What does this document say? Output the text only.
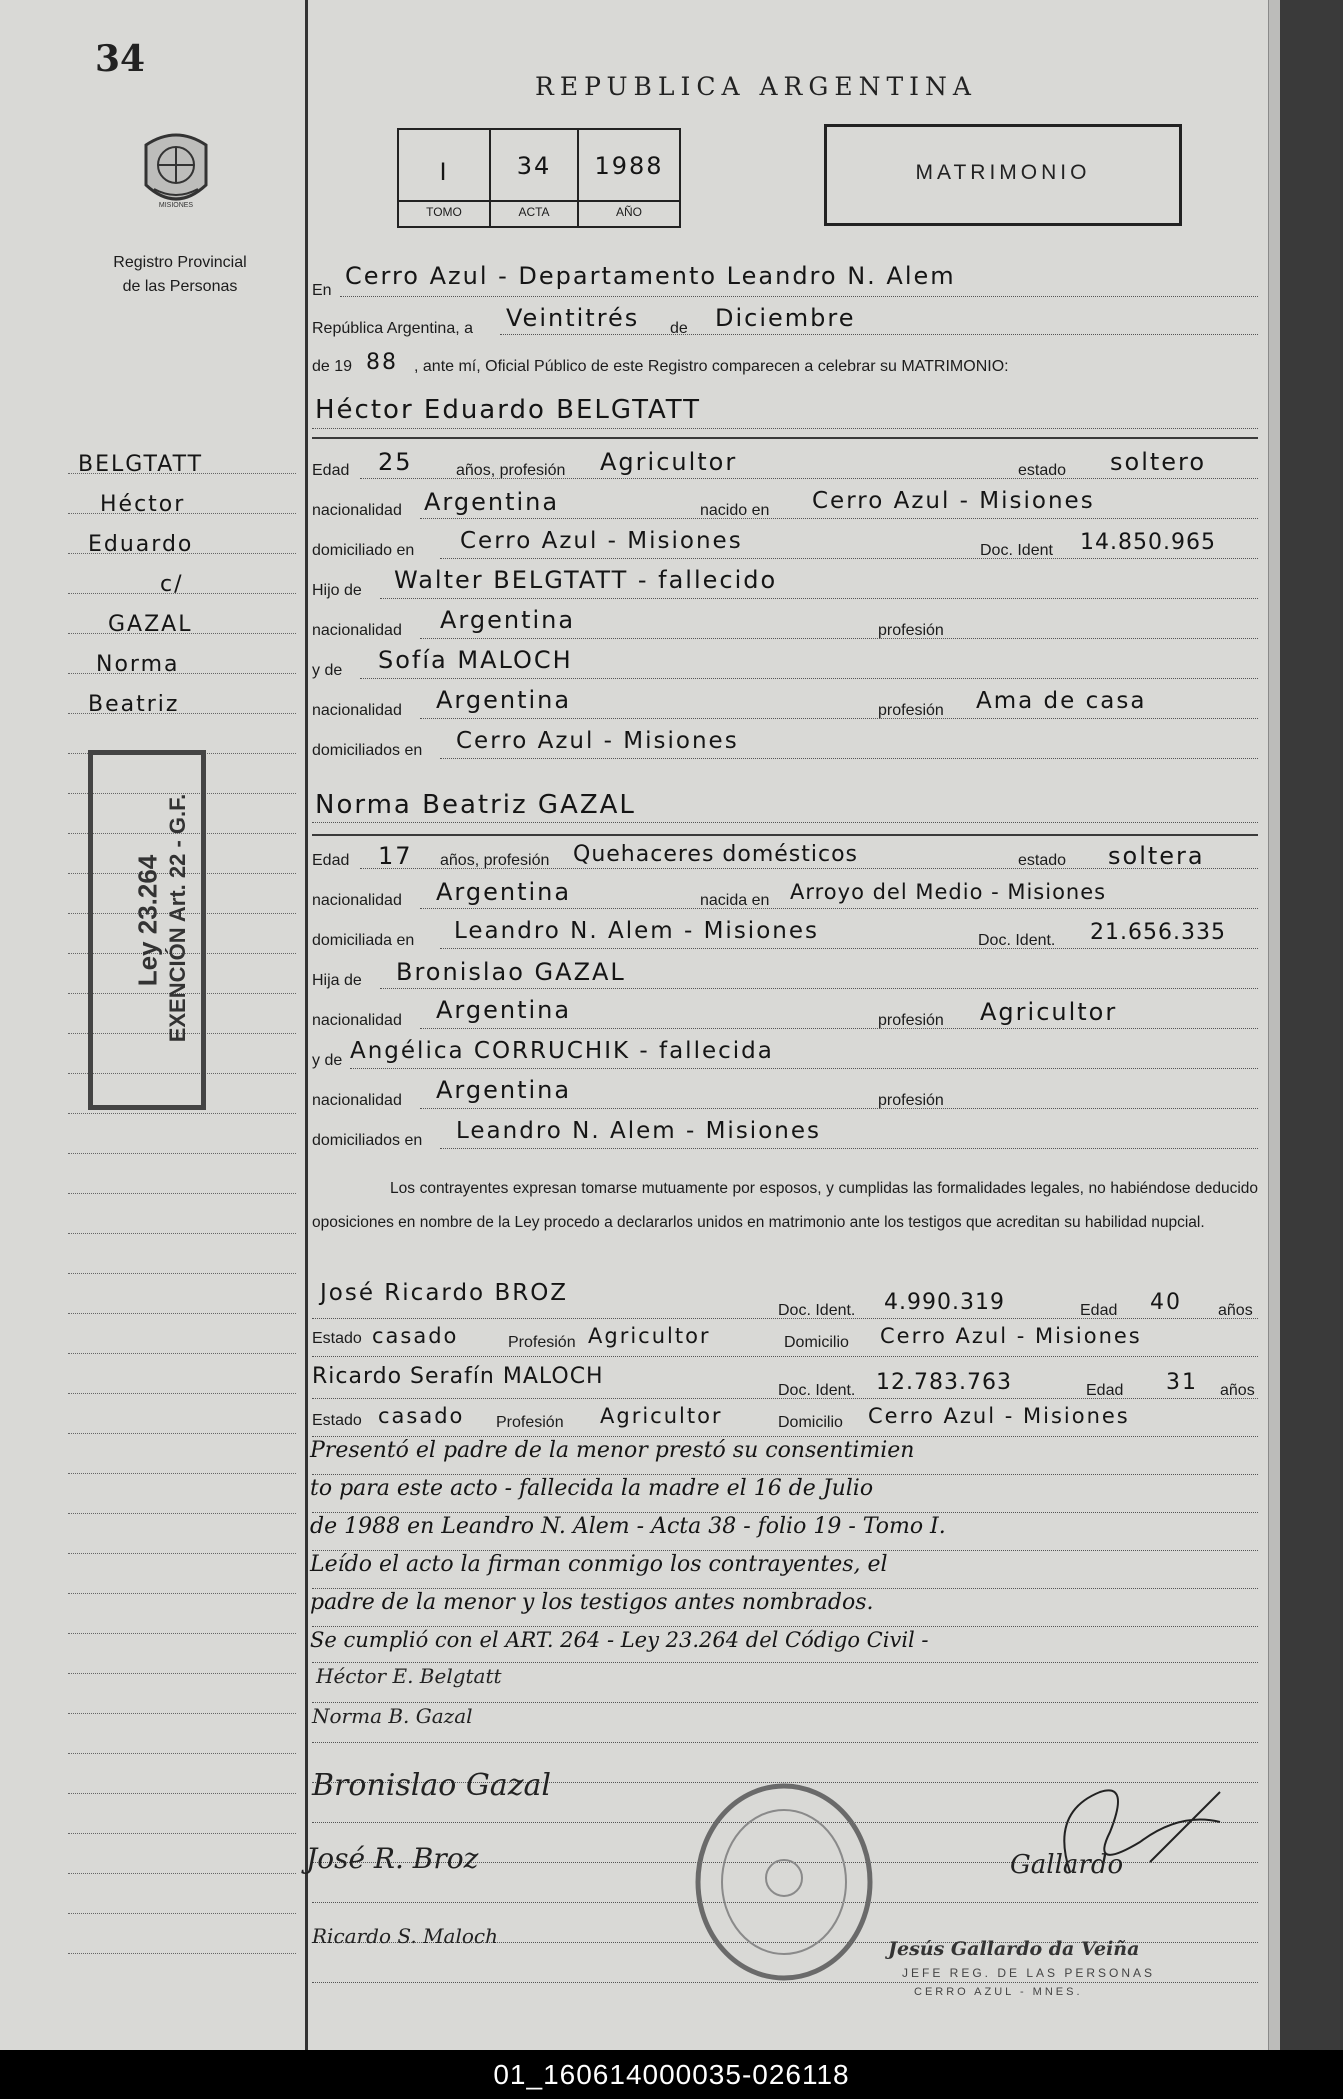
34
MISIONES
Registro Provincial
de las Personas
REPUBLICA ARGENTINA
I	34	1988
TOMO	ACTA	AÑO
MATRIMONIO
BELGTATT
Héctor
Eduardo
c/
GAZAL
Norma
Beatriz
Ley 23.264 EXENCIÓN Art. 22 - G.F.
En
Cerro Azul - Departamento Leandro N. Alem
República Argentina, a Veintitrés de Diciembre
de 19 88 , ante mí, Oficial Público de este Registro comparecen a celebrar su MATRIMONIO:
Héctor Eduardo BELGTATT
Edad 25	años, profesión Agricultor	estado soltero
nacionalidad Argentina	nacido en Cerro Azul - Misiones
domiciliado en Cerro Azul - Misiones	Doc. Ident 14.850.965
Hijo de Walter BELGTATT - fallecido
nacionalidad Argentina	profesión
y de Sofía MALOCH
nacionalidad Argentina	profesión Ama de casa
domiciliados en Cerro Azul - Misiones
Norma Beatriz GAZAL
Edad 17 años, profesión Quehaceres domésticos	estado soltera
nacionalidad Argentina	nacida en Arroyo del Medio - Misiones
domiciliada en Leandro N. Alem - Misiones	Doc. Ident. 21.656.335
Hija de Bronislao GAZAL
nacionalidad Argentina	profesión Agricultor
y de Angélica CORRUCHIK - fallecida
nacionalidad Argentina	profesión
domiciliados en Leandro N. Alem - Misiones
Los contrayentes expresan tomarse mutuamente por esposos, y cumplidas las formalidades legales, no habiéndose deducido oposiciones en nombre de la Ley procedo a declararlos unidos en matrimonio ante los testigos que acreditan su habilidad nupcial.
José Ricardo BROZ
Doc. Ident. 4.990.319	Edad 40 años
Estado casado	Profesión Agricultor	Domicilio Cerro Azul - Misiones
Ricardo Serafín MALOCH
Doc. Ident. 12.783.763	Edad 31 años
Estado casado Profesión Agricultor	Domicilio Cerro Azul - Misiones
Presentó el padre de la menor prestó su consentimien
to para este acto - fallecida la madre el 16 de Julio
de 1988 en Leandro N. Alem - Acta 38 - folio 19 - Tomo I.
Leído el acto la firman conmigo los contrayentes, el
padre de la menor y los testigos antes nombrados.
Se cumplió con el ART. 264 - Ley 23.264 del Código Civil -
Héctor E. Belgtatt
Norma B. Gazal
Bronislao Gazal
José R. Broz
Ricardo S. Maloch
Gallardo
Jesús Gallardo da Veiña
JEFE REG. DE LAS PERSONAS
CERRO AZUL - MNES.
01_160614000035-026118
